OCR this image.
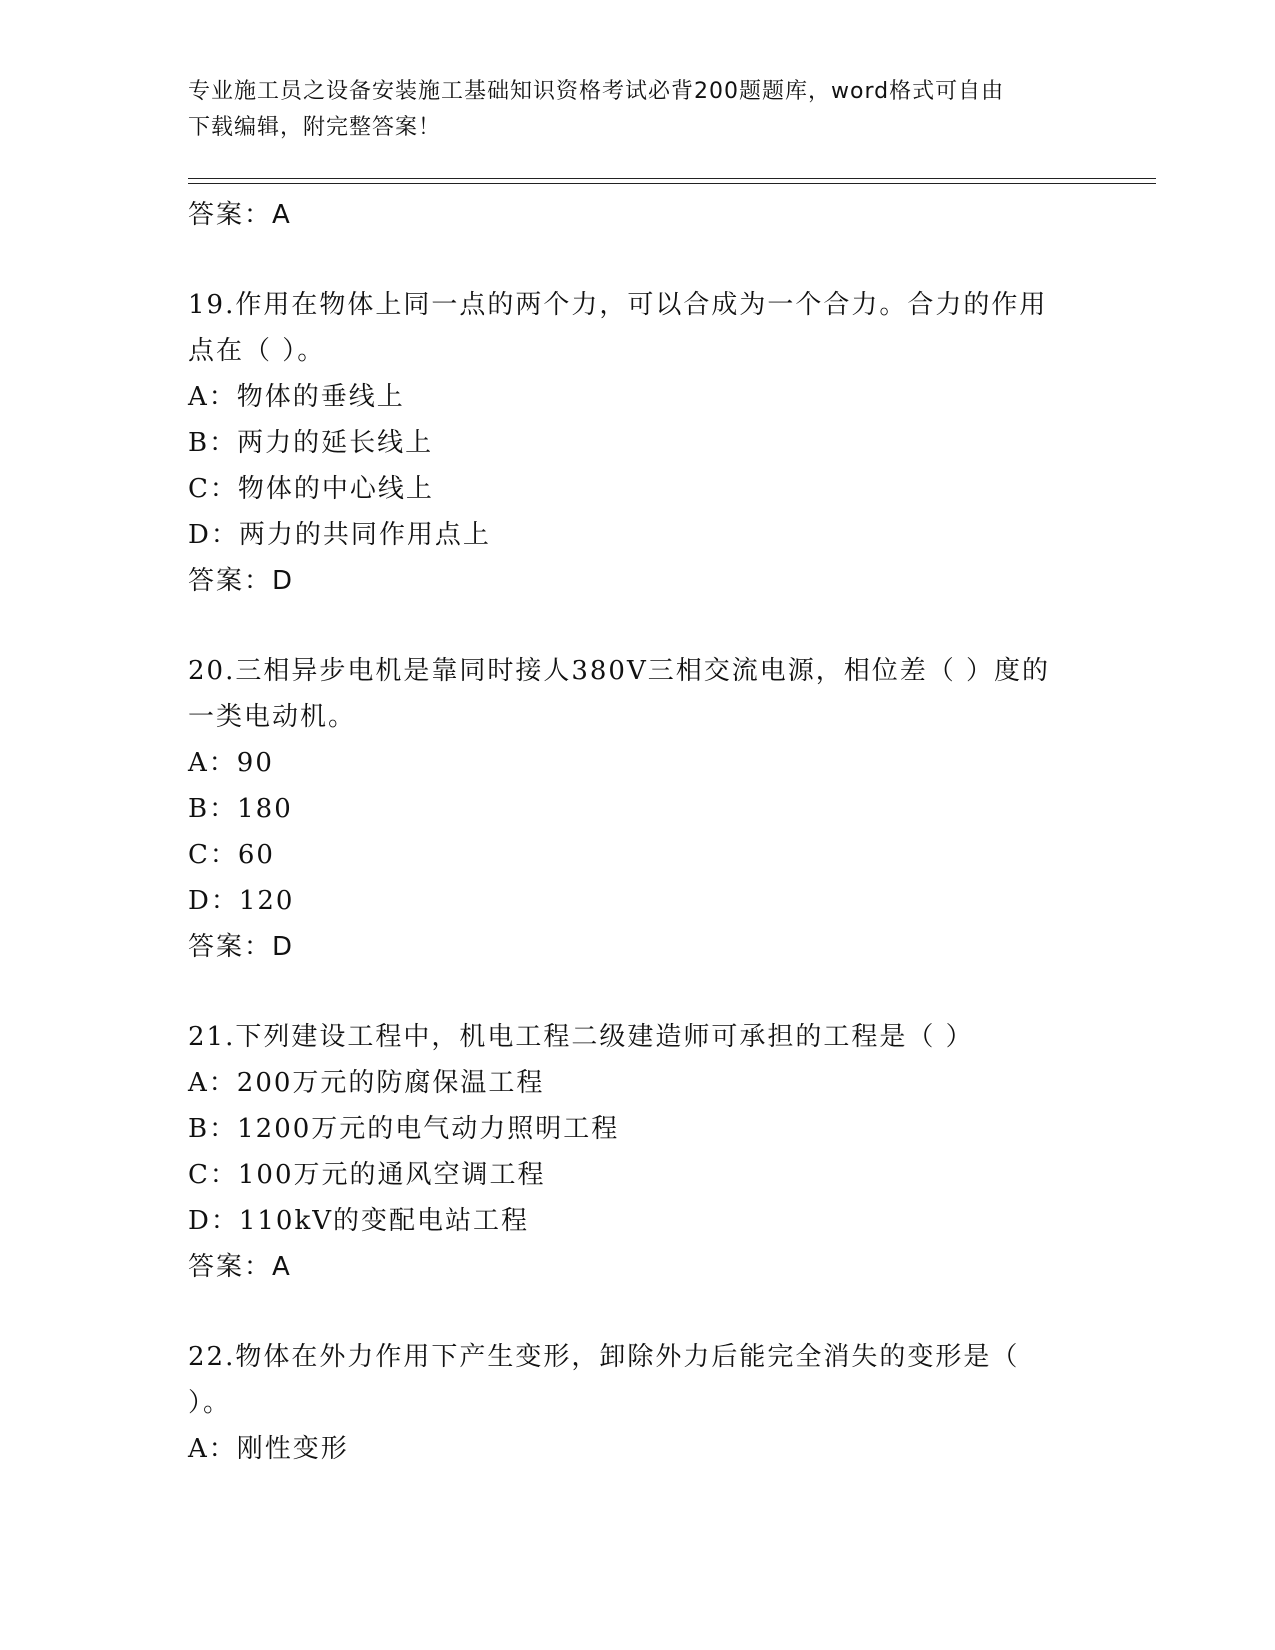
专业施工员之设备安装施工基础知识资格考试必背200题题库，word格式可自由
下载编辑，附完整答案！
答案：A
19.作用在物体上同一点的两个力，可以合成为一个合力。合力的作用
点在（ ）。
A：物体的垂线上
B：两力的延长线上
C：物体的中心线上
D：两力的共同作用点上
答案：D
20.三相异步电机是靠同时接人380V三相交流电源，相位差（ ）度的
一类电动机。
A：90
B：180
C：60
D：120
答案：D
21.下列建设工程中，机电工程二级建造师可承担的工程是（ ）
A：200万元的防腐保温工程
B：1200万元的电气动力照明工程
C：100万元的通风空调工程
D：110kV的变配电站工程
答案：A
22.物体在外力作用下产生变形，卸除外力后能完全消失的变形是（
）。
A：刚性变形
